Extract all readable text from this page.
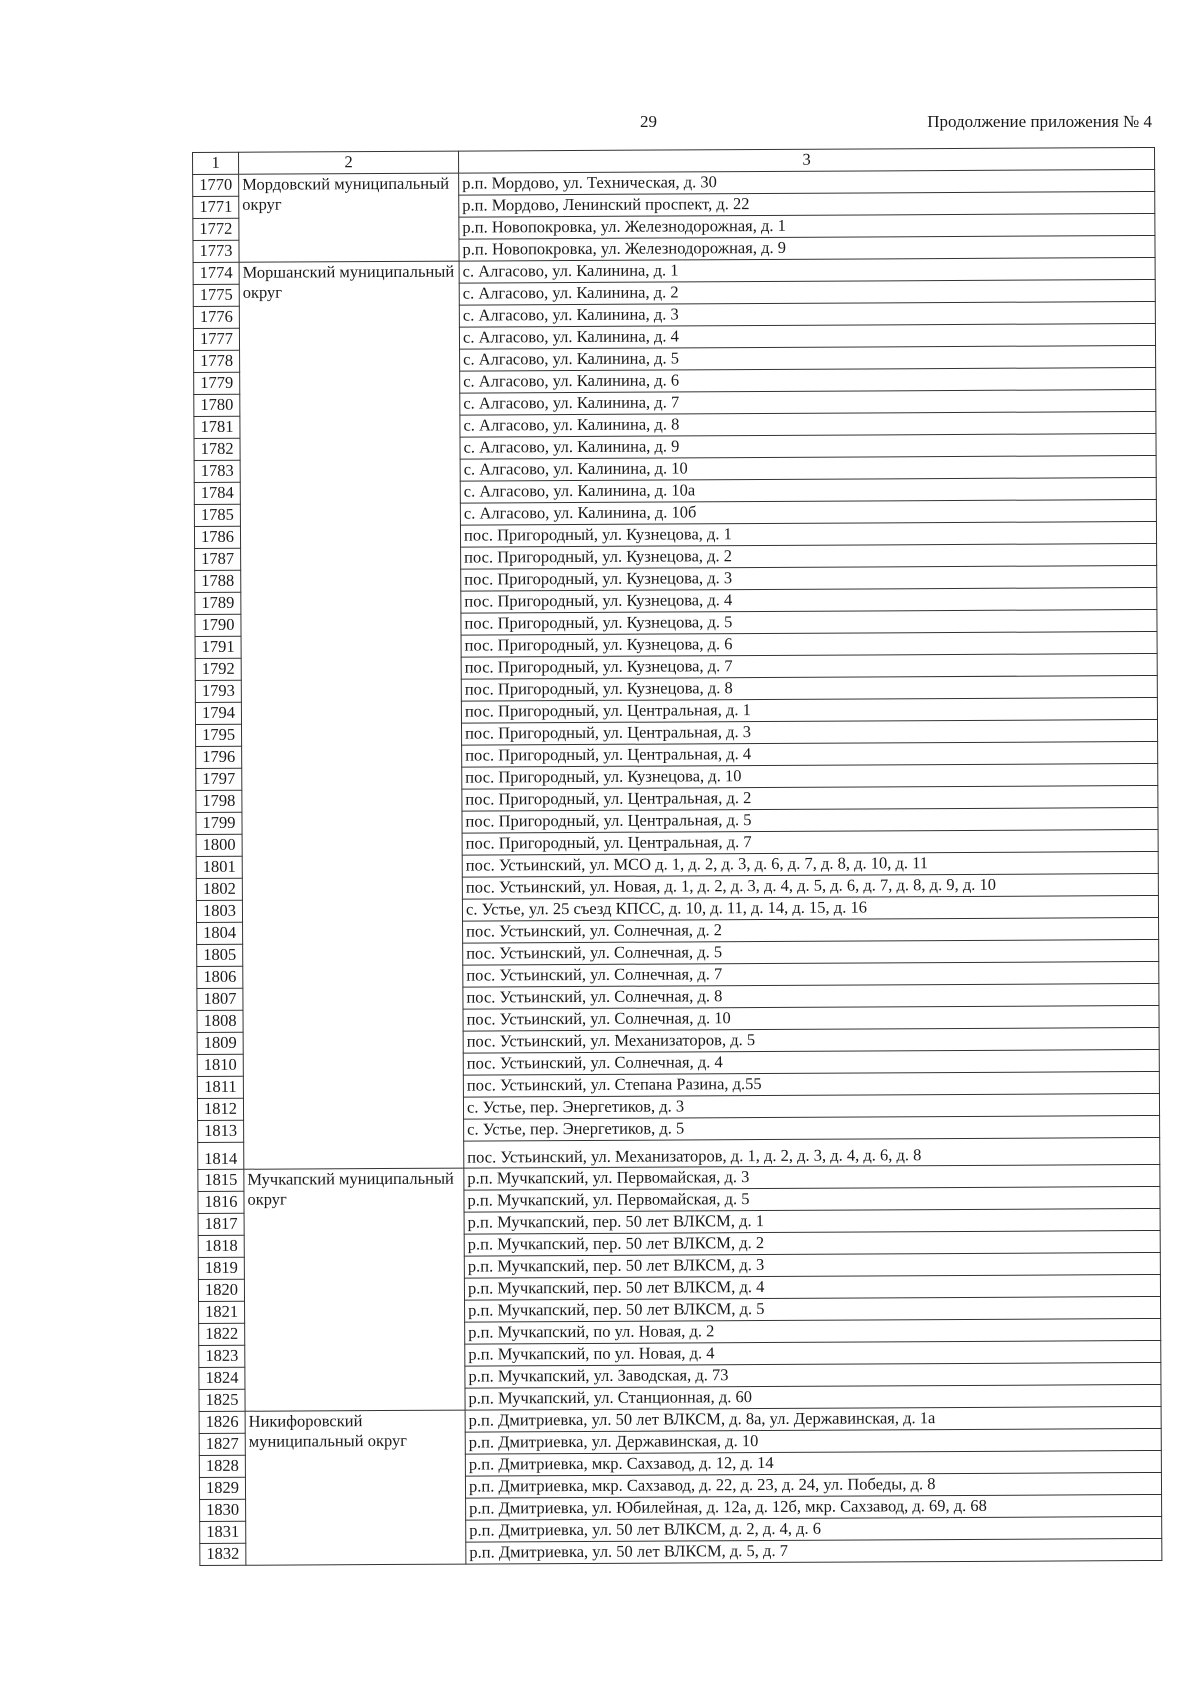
29	Продолжение приложения № 4
1	2	3
1770	Мордовский муниципальный округ	р.п. Мордово, ул. Техническая, д. 30
1771		р.п. Мордово, Ленинский проспект, д. 22
1772		р.п. Новопокровка, ул. Железнодорожная, д. 1
1773		р.п. Новопокровка, ул. Железнодорожная, д. 9
1774	Моршанский муниципальный округ	с. Алгасово, ул. Калинина, д. 1
1775		с. Алгасово, ул. Калинина, д. 2
1776		с. Алгасово, ул. Калинина, д. 3
1777		с. Алгасово, ул. Калинина, д. 4
1778		с. Алгасово, ул. Калинина, д. 5
1779		с. Алгасово, ул. Калинина, д. 6
1780		с. Алгасово, ул. Калинина, д. 7
1781		с. Алгасово, ул. Калинина, д. 8
1782		с. Алгасово, ул. Калинина, д. 9
1783		с. Алгасово, ул. Калинина, д. 10
1784		с. Алгасово, ул. Калинина, д. 10а
1785		с. Алгасово, ул. Калинина, д. 10б
1786		пос. Пригородный, ул. Кузнецова, д. 1
1787		пос. Пригородный, ул. Кузнецова, д. 2
1788		пос. Пригородный, ул. Кузнецова, д. 3
1789		пос. Пригородный, ул. Кузнецова, д. 4
1790		пос. Пригородный, ул. Кузнецова, д. 5
1791		пос. Пригородный, ул. Кузнецова, д. 6
1792		пос. Пригородный, ул. Кузнецова, д. 7
1793		пос. Пригородный, ул. Кузнецова, д. 8
1794		пос. Пригородный, ул. Центральная, д. 1
1795		пос. Пригородный, ул. Центральная, д. 3
1796		пос. Пригородный, ул. Центральная, д. 4
1797		пос. Пригородный, ул. Кузнецова, д. 10
1798		пос. Пригородный, ул. Центральная, д. 2
1799		пос. Пригородный, ул. Центральная, д. 5
1800		пос. Пригородный, ул. Центральная, д. 7
1801		пос. Устьинский, ул. МСО д. 1, д. 2, д. 3, д. 6, д. 7, д. 8, д. 10, д. 11
1802		пос. Устьинский, ул. Новая, д. 1, д. 2, д. 3, д. 4, д. 5, д. 6, д. 7, д. 8, д. 9, д. 10
1803		с. Устье, ул. 25 съезд КПСС, д. 10, д. 11, д. 14, д. 15, д. 16
1804		пос. Устьинский, ул. Солнечная, д. 2
1805		пос. Устьинский, ул. Солнечная, д. 5
1806		пос. Устьинский, ул. Солнечная, д. 7
1807		пос. Устьинский, ул. Солнечная, д. 8
1808		пос. Устьинский, ул. Солнечная, д. 10
1809		пос. Устьинский, ул. Механизаторов, д. 5
1810		пос. Устьинский, ул. Солнечная, д. 4
1811		пос. Устьинский, ул. Степана Разина, д.55
1812		с. Устье, пер. Энергетиков, д. 3
1813		с. Устье, пер. Энергетиков, д. 5
1814		пос. Устьинский, ул. Механизаторов, д. 1, д. 2, д. 3, д. 4, д. 6, д. 8
1815	Мучкапский муниципальный округ	р.п. Мучкапский, ул. Первомайская, д. 3
1816		р.п. Мучкапский, ул. Первомайская, д. 5
1817		р.п. Мучкапский, пер. 50 лет ВЛКСМ, д. 1
1818		р.п. Мучкапский, пер. 50 лет ВЛКСМ, д. 2
1819		р.п. Мучкапский, пер. 50 лет ВЛКСМ, д. 3
1820		р.п. Мучкапский, пер. 50 лет ВЛКСМ, д. 4
1821		р.п. Мучкапский, пер. 50 лет ВЛКСМ, д. 5
1822		р.п. Мучкапский, по ул. Новая, д. 2
1823		р.п. Мучкапский, по ул. Новая, д. 4
1824		р.п. Мучкапский, ул. Заводская, д. 73
1825		р.п. Мучкапский, ул. Станционная, д. 60
1826	Никифоровский муниципальный округ	р.п. Дмитриевка, ул. 50 лет ВЛКСМ, д. 8а, ул. Державинская, д. 1а
1827		р.п. Дмитриевка, ул. Державинская, д. 10
1828		р.п. Дмитриевка, мкр. Сахзавод, д. 12, д. 14
1829		р.п. Дмитриевка, мкр. Сахзавод, д. 22, д. 23, д. 24, ул. Победы, д. 8
1830		р.п. Дмитриевка, ул. Юбилейная, д. 12а, д. 12б, мкр. Сахзавод, д. 69, д. 68
1831		р.п. Дмитриевка, ул. 50 лет ВЛКСМ, д. 2, д. 4, д. 6
1832		р.п. Дмитриевка, ул. 50 лет ВЛКСМ, д. 5, д. 7
